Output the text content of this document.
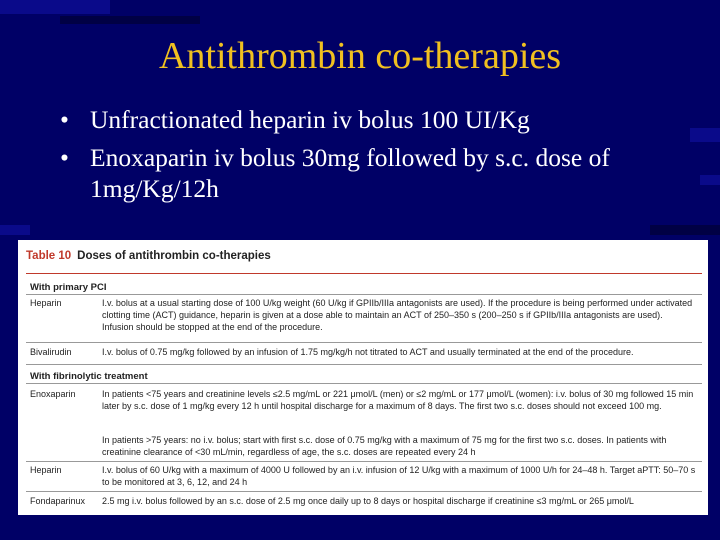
Antithrombin co-therapies
• Unfractionated heparin iv bolus 100 UI/Kg
• Enoxaparin iv bolus 30mg followed by s.c. dose of 1mg/Kg/12h
Table 10 Doses of antithrombin co-therapies
With primary PCI
Heparin	I.v. bolus at a usual starting dose of 100 U/kg weight (60 U/kg if GPIIb/IIIa antagonists are used). If the procedure is being performed under activated clotting time (ACT) guidance, heparin is given at a dose able to maintain an ACT of 250–350 s (200–250 s if GPIIb/IIIa antagonists are used). Infusion should be stopped at the end of the procedure.
Bivalirudin	I.v. bolus of 0.75 mg/kg followed by an infusion of 1.75 mg/kg/h not titrated to ACT and usually terminated at the end of the procedure.
With fibrinolytic treatment
Enoxaparin	In patients <75 years and creatinine levels ≤2.5 mg/mL or 221 μmol/L (men) or ≤2 mg/mL or 177 μmol/L (women): i.v. bolus of 30 mg followed 15 min later by s.c. dose of 1 mg/kg every 12 h until hospital discharge for a maximum of 8 days. The first two s.c. doses should not exceed 100 mg.
In patients >75 years: no i.v. bolus; start with first s.c. dose of 0.75 mg/kg with a maximum of 75 mg for the first two s.c. doses. In patients with creatinine clearance of <30 mL/min, regardless of age, the s.c. doses are repeated every 24 h
Heparin	I.v. bolus of 60 U/kg with a maximum of 4000 U followed by an i.v. infusion of 12 U/kg with a maximum of 1000 U/h for 24–48 h. Target aPTT: 50–70 s to be monitored at 3, 6, 12, and 24 h
Fondaparinux 2.5 mg i.v. bolus followed by an s.c. dose of 2.5 mg once daily up to 8 days or hospital discharge if creatinine ≤3 mg/mL or 265 μmol/L
